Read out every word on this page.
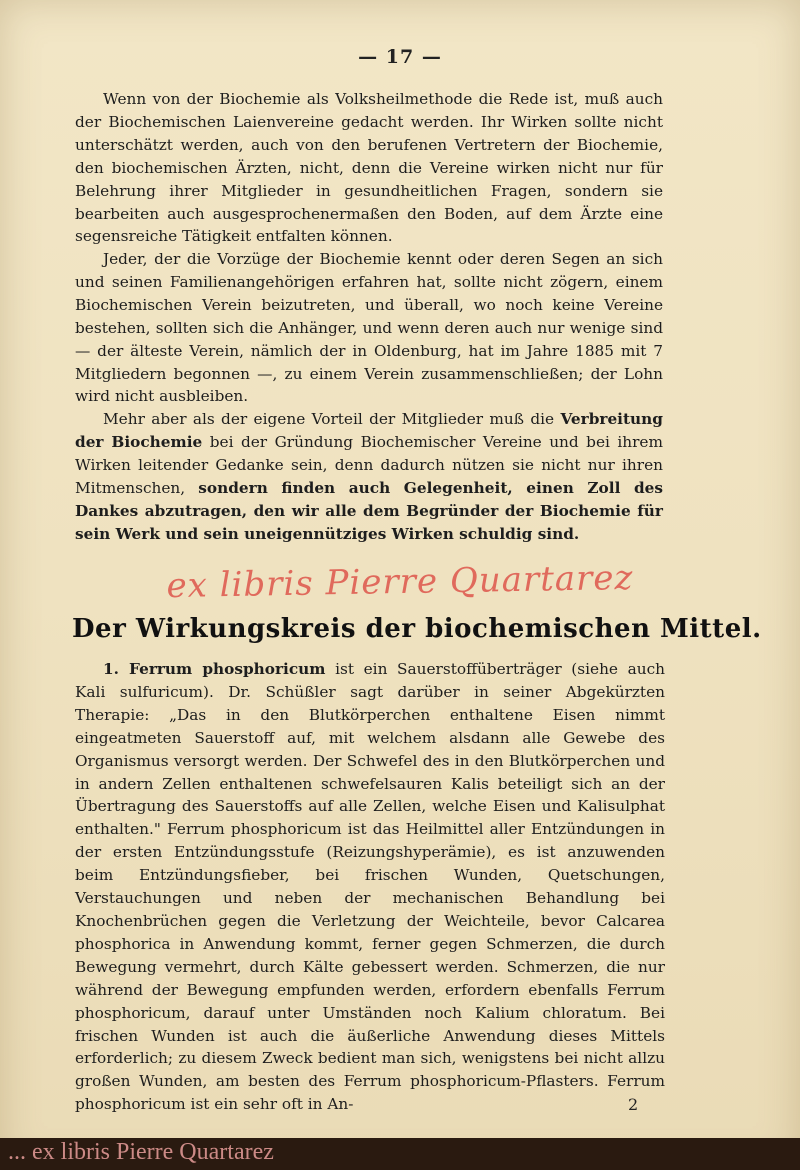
— 17 —

Wenn von der Biochemie als Volksheilmethode die Rede ist, muß auch der Biochemischen Laienvereine gedacht werden. Ihr Wirken sollte nicht unterschätzt werden, auch von den berufenen Vertretern der Biochemie, den biochemischen Ärzten, nicht, denn die Vereine wirken nicht nur für Belehrung ihrer Mitglieder in gesundheitlichen Fragen, sondern sie bearbeiten auch ausgesprochenermaßen den Boden, auf dem Ärzte eine segensreiche Tätigkeit entfalten können.

Jeder, der die Vorzüge der Biochemie kennt oder deren Segen an sich und seinen Familienangehörigen erfahren hat, sollte nicht zögern, einem Biochemischen Verein beizutreten, und überall, wo noch keine Vereine bestehen, sollten sich die Anhänger, und wenn deren auch nur wenige sind — der älteste Verein, nämlich der in Oldenburg, hat im Jahre 1885 mit 7 Mitgliedern begonnen —, zu einem Verein zusammenschließen; der Lohn wird nicht ausbleiben.

Mehr aber als der eigene Vorteil der Mitglieder muß die Verbreitung der Biochemie bei der Gründung Biochemischer Vereine und bei ihrem Wirken leitender Gedanke sein, denn dadurch nützen sie nicht nur ihren Mitmenschen, sondern finden auch Gelegenheit, einen Zoll des Dankes abzutragen, den wir alle dem Begründer der Biochemie für sein Werk und sein uneigennütziges Wirken schuldig sind.

ex libris Pierre Quartarez
Der Wirkungskreis der biochemischen Mittel.

1. Ferrum phosphoricum ist ein Sauerstoffüberträger (siehe auch Kali sulfuricum). Dr. Schüßler sagt darüber in seiner Abgekürzten Therapie: „Das in den Blutkörperchen enthaltene Eisen nimmt eingeatmeten Sauerstoff auf, mit welchem alsdann alle Gewebe des Organismus versorgt werden. Der Schwefel des in den Blutkörperchen und in andern Zellen enthaltenen schwefelsauren Kalis beteiligt sich an der Übertragung des Sauerstoffs auf alle Zellen, welche Eisen und Kalisulphat enthalten." Ferrum phosphoricum ist das Heilmittel aller Entzündungen in der ersten Entzündungsstufe (Reizungshyperämie), es ist anzuwenden beim Entzündungsfieber, bei frischen Wunden, Quetschungen, Verstauchungen und neben der mechanischen Behandlung bei Knochenbrüchen gegen die Verletzung der Weichteile, bevor Calcarea phosphorica in Anwendung kommt, ferner gegen Schmerzen, die durch Bewegung vermehrt, durch Kälte gebessert werden. Schmerzen, die nur während der Bewegung empfunden werden, erfordern ebenfalls Ferrum phosphoricum, darauf unter Umständen noch Kalium chloratum. Bei frischen Wunden ist auch die äußerliche Anwendung dieses Mittels erforderlich; zu diesem Zweck bedient man sich, wenigstens bei nicht allzu großen Wunden, am besten des Ferrum phosphoricum-Pflasters. Ferrum phosphoricum ist ein sehr oft in An-	2
... ex libris Pierre Quartarez
